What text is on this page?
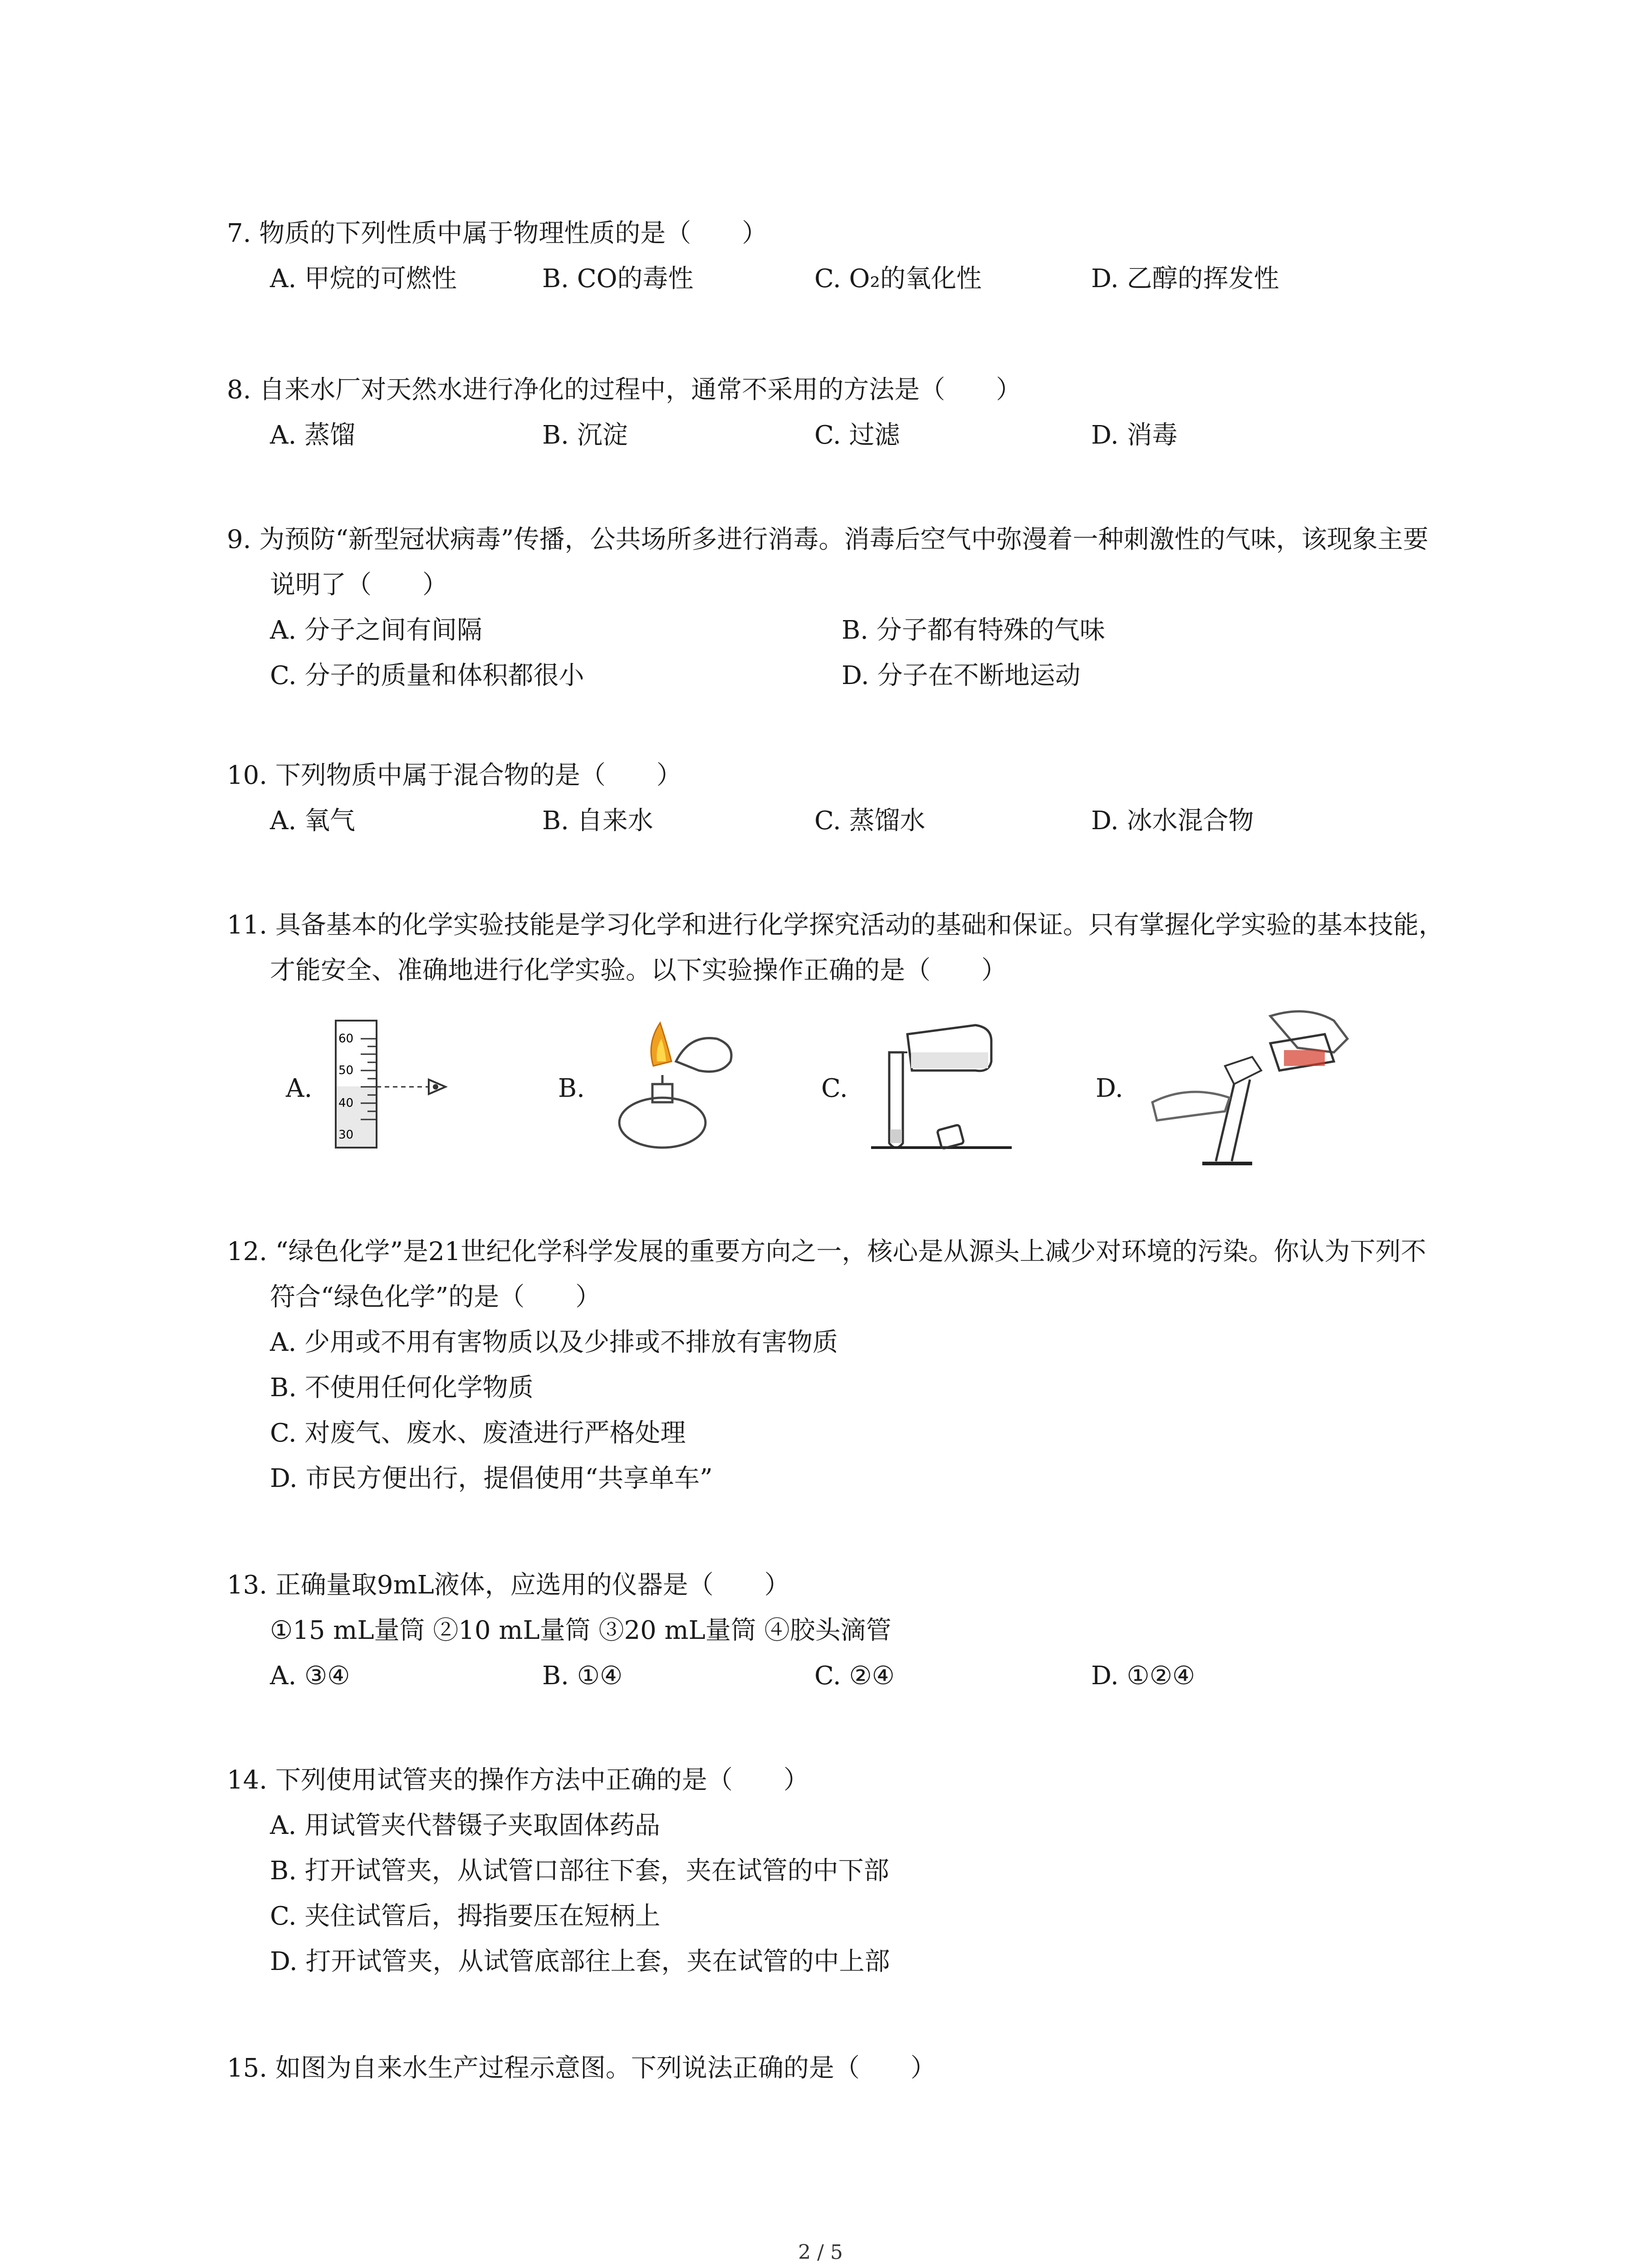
7. 物质的下列性质中属于物理性质的是（　　）
A. 甲烷的可燃性	B. CO的毒性	C. O₂的氧化性	D. 乙醇的挥发性
8. 自来水厂对天然水进行净化的过程中，通常不采用的方法是（　　）
A. 蒸馏	B. 沉淀	C. 过滤	D. 消毒
9. 为预防“新型冠状病毒”传播，公共场所多进行消毒。消毒后空气中弥漫着一种刺激性的气味，该现象主要说明了（　　）
A. 分子之间有间隔	B. 分子都有特殊的气味
C. 分子的质量和体积都很小	D. 分子在不断地运动
10. 下列物质中属于混合物的是（　　）
A. 氧气	B. 自来水	C. 蒸馏水	D. 冰水混合物
11. 具备基本的化学实验技能是学习化学和进行化学探究活动的基础和保证。只有掌握化学实验的基本技能，才能安全、准确地进行化学实验。以下实验操作正确的是（　　）
A.	B.	C.	D.
60
50
40
30
12. “绿色化学”是21世纪化学科学发展的重要方向之一，核心是从源头上减少对环境的污染。你认为下列不符合“绿色化学”的是（　　）
A. 少用或不用有害物质以及少排或不排放有害物质
B. 不使用任何化学物质
C. 对废气、废水、废渣进行严格处理
D. 市民方便出行，提倡使用“共享单车”
13. 正确量取9mL液体，应选用的仪器是（　　）
①15 mL量筒 ②10 mL量筒 ③20 mL量筒 ④胶头滴管
A. ③④	B. ①④	C. ②④	D. ①②④
14. 下列使用试管夹的操作方法中正确的是（　　）
A. 用试管夹代替镊子夹取固体药品
B. 打开试管夹，从试管口部往下套，夹在试管的中下部
C. 夹住试管后，拇指要压在短柄上
D. 打开试管夹，从试管底部往上套，夹在试管的中上部
15. 如图为自来水生产过程示意图。下列说法正确的是（　　）
2 / 5
